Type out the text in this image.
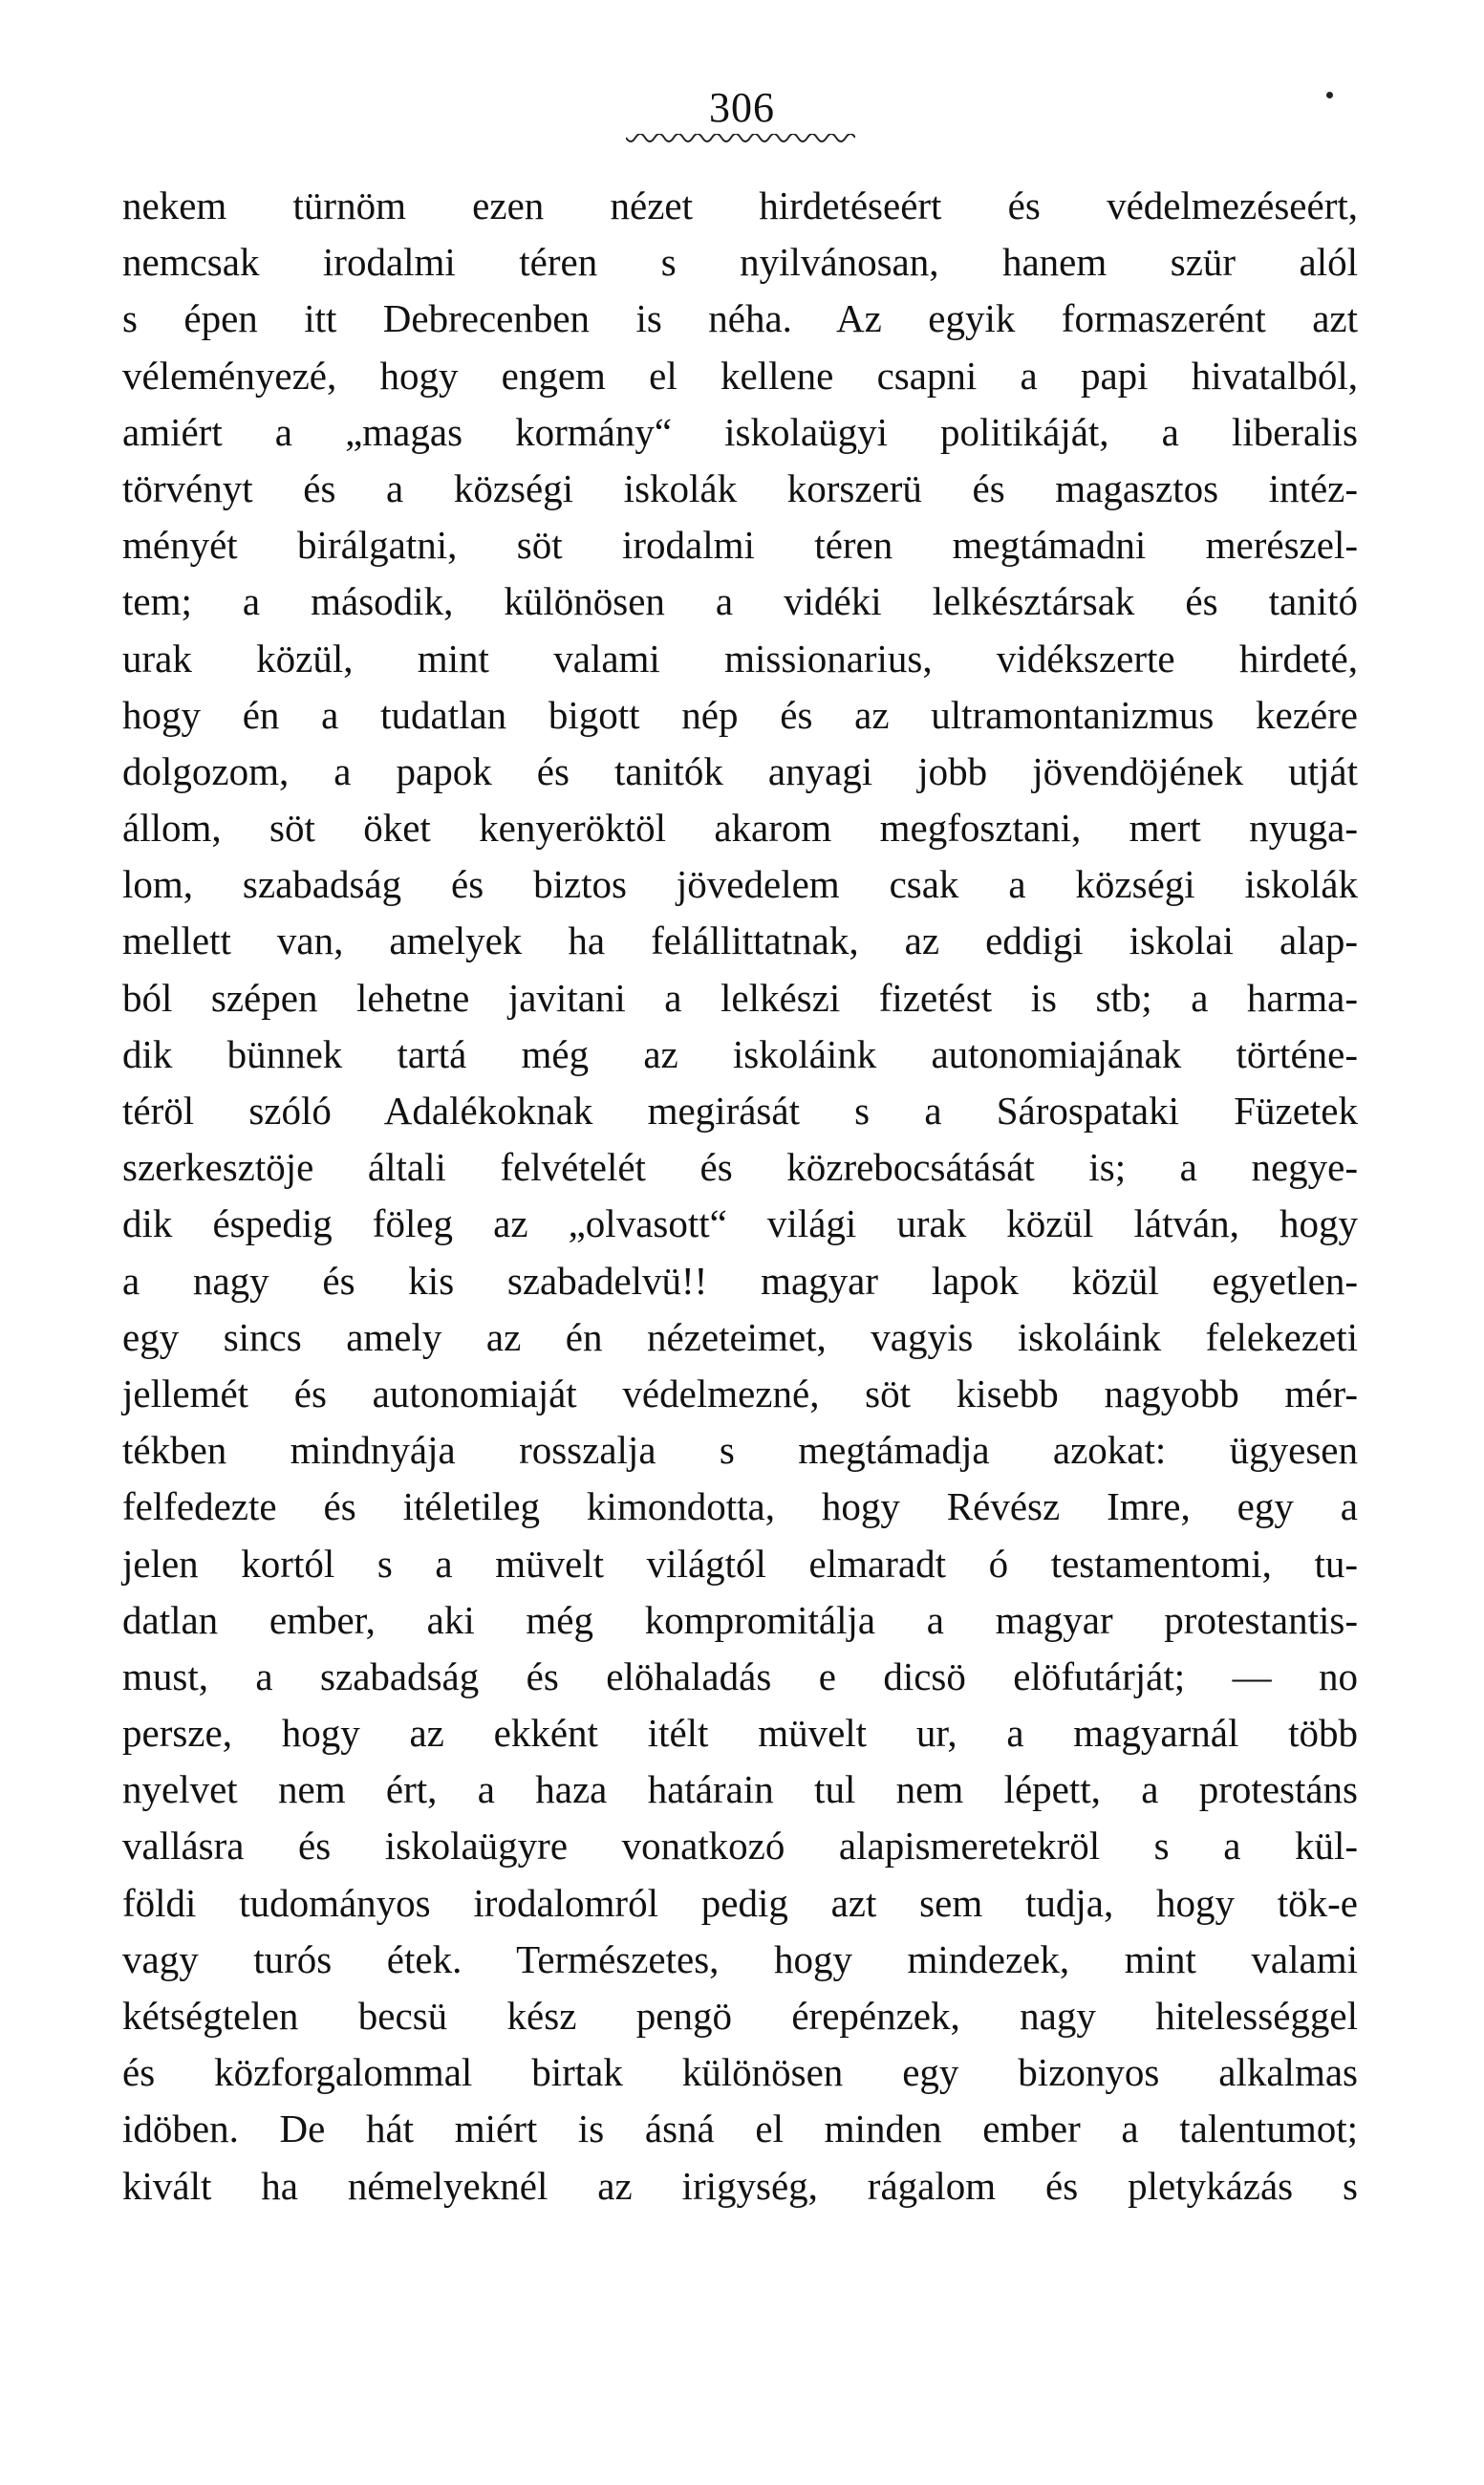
306
nekem türnöm ezen nézet hirdetéseért és védelmezéseért,
nemcsak irodalmi téren s nyilvánosan, hanem szür alól
s épen itt Debrecenben is néha. Az egyik formaszerént azt
véleményezé, hogy engem el kellene csapni a papi hivatalból,
amiért a „magas kormány“ iskolaügyi politikáját, a liberalis
törvényt és a községi iskolák korszerü és magasztos intéz-
ményét birálgatni, söt irodalmi téren megtámadni merészel-
tem; a második, különösen a vidéki lelkésztársak és tanitó
urak közül, mint valami missionarius, vidékszerte hirdeté,
hogy én a tudatlan bigott nép és az ultramontanizmus kezére
dolgozom, a papok és tanitók anyagi jobb jövendöjének utját
állom, söt öket kenyeröktöl akarom megfosztani, mert nyuga-
lom, szabadság és biztos jövedelem csak a községi iskolák
mellett van, amelyek ha felállittatnak, az eddigi iskolai alap-
ból szépen lehetne javitani a lelkészi fizetést is stb; a harma-
dik bünnek tartá még az iskoláink autonomiajának történe-
téröl szóló Adalékoknak megirását s a Sárospataki Füzetek
szerkesztöje általi felvételét és közrebocsátását is; a negye-
dik éspedig föleg az „olvasott“ világi urak közül látván, hogy
a nagy és kis szabadelvü!! magyar lapok közül egyetlen-
egy sincs amely az én nézeteimet, vagyis iskoláink felekezeti
jellemét és autonomiaját védelmezné, söt kisebb nagyobb mér-
tékben mindnyája rosszalja s megtámadja azokat: ügyesen
felfedezte és itéletileg kimondotta, hogy Révész Imre, egy a
jelen kortól s a müvelt világtól elmaradt ó testamentomi, tu-
datlan ember, aki még kompromitálja a magyar protestantis-
must, a szabadság és elöhaladás e dicsö elöfutárját; — no
persze, hogy az ekként itélt müvelt ur, a magyarnál több
nyelvet nem ért, a haza határain tul nem lépett, a protestáns
vallásra és iskolaügyre vonatkozó alapismeretekröl s a kül-
földi tudományos irodalomról pedig azt sem tudja, hogy tök-e
vagy turós étek. Természetes, hogy mindezek, mint valami
kétségtelen becsü kész pengö érepénzek, nagy hitelességgel
és közforgalommal birtak különösen egy bizonyos alkalmas
idöben. De hát miért is ásná el minden ember a talentumot;
kivált ha némelyeknél az irigység, rágalom és pletykázás s
